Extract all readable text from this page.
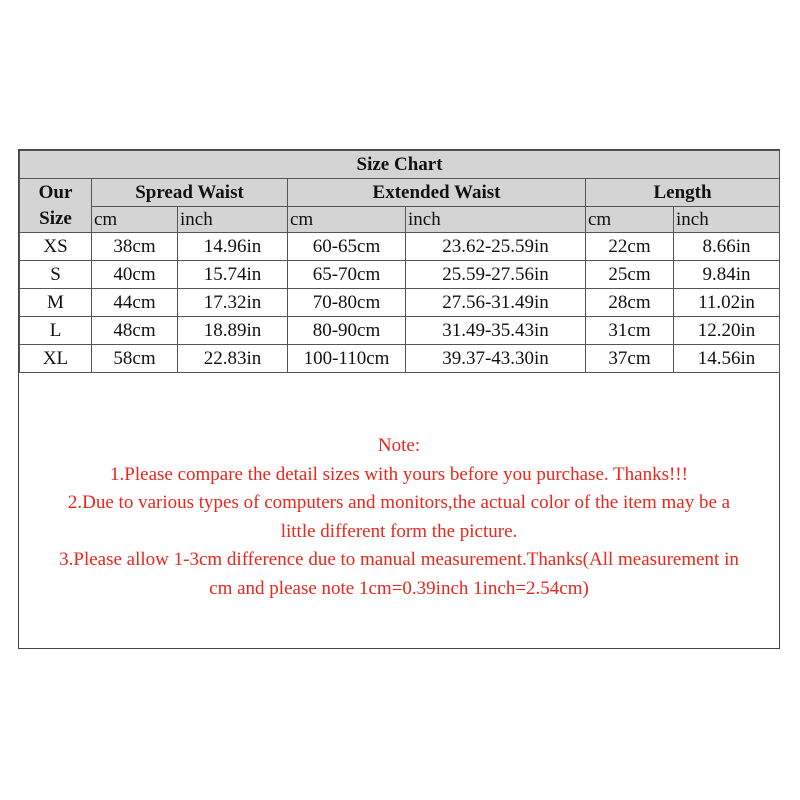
Size Chart						
Our	Spread Waist		Extended Waist		Length	
Size	cm	inch	cm	inch	cm	inch
XS	38cm	14.96in	60-65cm	23.62-25.59in	22cm	8.66in
S	40cm	15.74in	65-70cm	25.59-27.56in	25cm	9.84in
M	44cm	17.32in	70-80cm	27.56-31.49in	28cm	11.02in
L	48cm	18.89in	80-90cm	31.49-35.43in	31cm	12.20in
XL	58cm	22.83in	100-110cm	39.37-43.30in	37cm	14.56in
Note:
1.Please compare the detail sizes with yours before you purchase. Thanks!!!
2.Due to various types of computers and monitors,the actual color of the item may be a
little different form the picture.
3.Please allow 1-3cm difference due to manual measurement.Thanks(All measurement in
cm and please note 1cm=0.39inch 1inch=2.54cm)
